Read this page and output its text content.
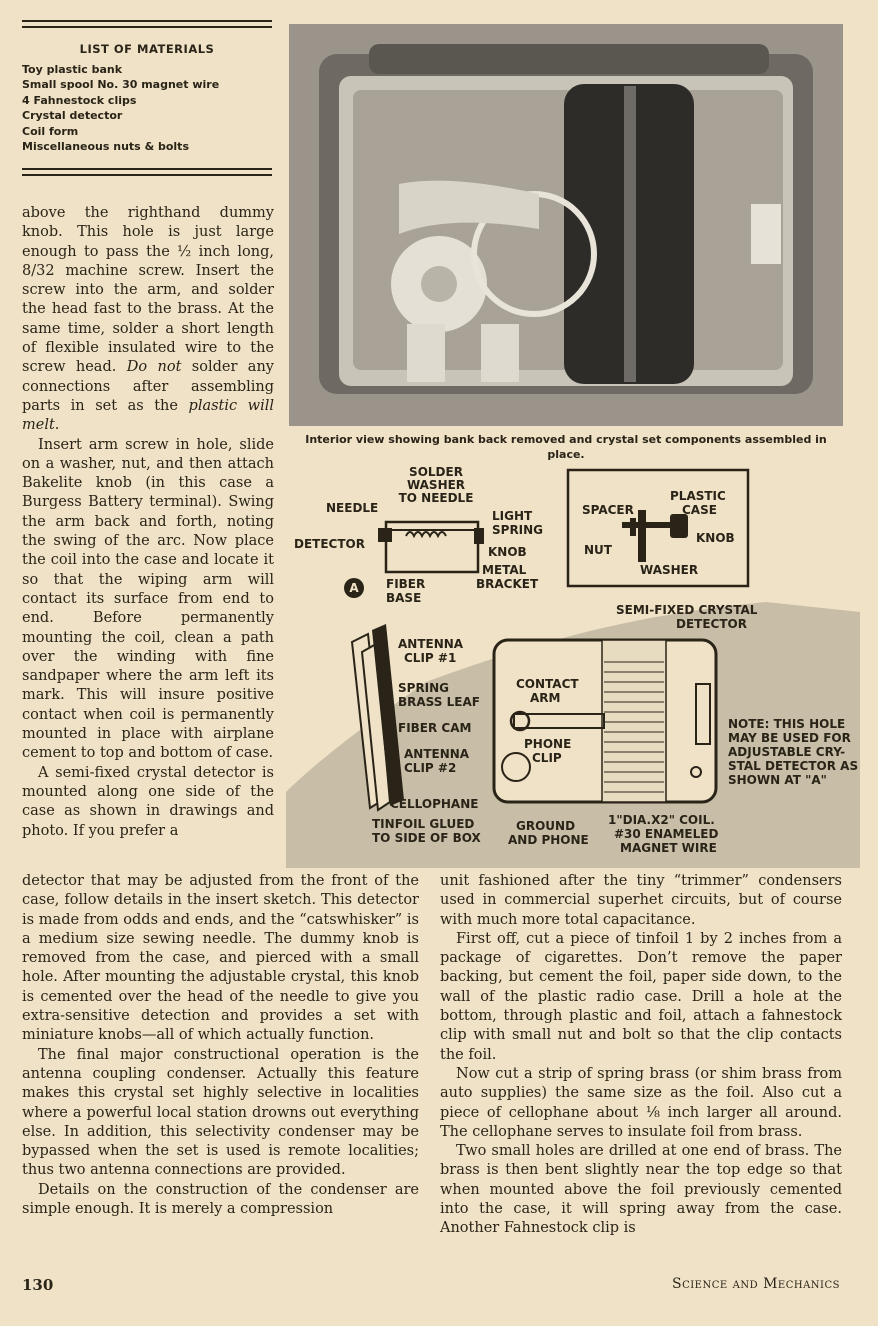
LIST OF MATERIALS
Toy plastic bank
Small spool No. 30 magnet wire
4 Fahnestock clips
Crystal detector
Coil form
Miscellaneous nuts & bolts

above the righthand dummy knob. This hole is just large enough to pass the ½ inch long, 8/32 machine screw. Insert the screw into the arm, and solder the head fast to the brass. At the same time, solder a short length of flexible insulated wire to the screw head. Do not solder any connections after assembling parts in set as the plastic will melt.

Insert arm screw in hole, slide on a washer, nut, and then attach Bakelite knob (in this case a Burgess Battery terminal). Swing the arm back and forth, noting the swing of the arc. Now place the coil into the case and locate it so that the wiping arm will contact its surface from end to end. Before permanently mounting the coil, clean a path over the winding with fine sandpaper where the arm left its mark. This will insure positive contact when coil is permanently mounted in place with airplane cement to top and bottom of case.

A semi-fixed crystal detector is mounted along one side of the case as shown in drawings and photo. If you prefer a

Interior view showing bank back removed and crystal set components assembled in place.
A
SOLDER
WASHER
TO NEEDLE
NEEDLE
LIGHT
SPRING
DETECTOR
KNOB
METAL
BRACKET
FIBER
BASE
SPACER
PLASTIC
CASE
KNOB
NUT
WASHER
SEMI-FIXED CRYSTAL
DETECTOR
ANTENNA
CLIP #1
SPRING
BRASS LEAF
CONTACT
ARM
FIBER CAM
PHONE
CLIP
ANTENNA
CLIP #2
NOTE: THIS HOLE
MAY BE USED FOR
ADJUSTABLE CRY-
STAL DETECTOR AS
SHOWN AT "A"
CELLOPHANE
TINFOIL GLUED
TO SIDE OF BOX
GROUND
AND PHONE
1"DIA.X2" COIL.
#30 ENAMELED
MAGNET WIRE

detector that may be adjusted from the front of the case, follow details in the insert sketch. This detector is made from odds and ends, and the “catswhisker” is a medium size sewing needle. The dummy knob is removed from the case, and pierced with a small hole. After mounting the adjustable crystal, this knob is cemented over the head of the needle to give you extra-sensitive detection and provides a set with miniature knobs—all of which actually function.

The final major constructional operation is the antenna coupling condenser. Actually this feature makes this crystal set highly selective in localities where a powerful local station drowns out everything else. In addition, this selectivity condenser may be bypassed when the set is used is remote localities; thus two antenna connections are provided.

Details on the construction of the condenser are simple enough. It is merely a compression

unit fashioned after the tiny “trimmer” condensers used in commercial superhet circuits, but of course with much more total capacitance.

First off, cut a piece of tinfoil 1 by 2 inches from a package of cigarettes. Don’t remove the paper backing, but cement the foil, paper side down, to the wall of the plastic radio case. Drill a hole at the bottom, through plastic and foil, attach a fahnestock clip with small nut and bolt so that the clip contacts the foil.

Now cut a strip of spring brass (or shim brass from auto supplies) the same size as the foil. Also cut a piece of cellophane about ⅛ inch larger all around. The cellophane serves to insulate foil from brass.

Two small holes are drilled at one end of brass. The brass is then bent slightly near the top edge so that when mounted above the foil previously cemented into the case, it will spring away from the case. Another Fahnestock clip is

130	Science and Mechanics
